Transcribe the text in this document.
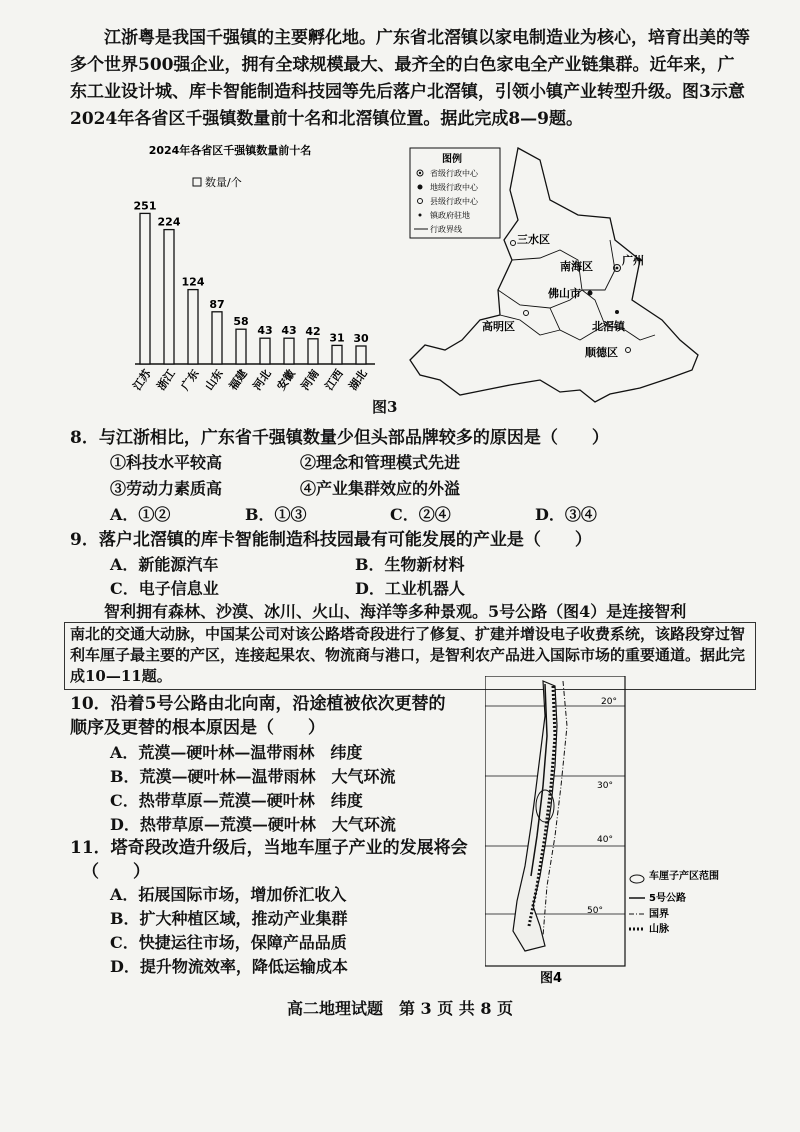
江浙粤是我国千强镇的主要孵化地。广东省北滘镇以家电制造业为核心，培育出美的等多个世界500强企业，拥有全球规模最大、最齐全的白色家电全产业链集群。近年来，广东工业设计城、库卡智能制造科技园等先后落户北滘镇，引领小镇产业转型升级。图3示意2024年各省区千强镇数量前十名和北滘镇位置。据此完成8—9题。
2024年各省区千强镇数量前十名
数量/个
251
江苏
224
浙江
124
广东
87
山东
58
福建
43
河北
43
安徽
42
河南
31
江西
30
湖北
图例
省级行政中心
地级行政中心
县级行政中心
镇政府驻地
行政界线
三水区
南海区	广州
佛山市
高明区	北滘镇
顺德区
图3
8．与江浙相比，广东省千强镇数量少但头部品牌较多的原因是（　　）
①科技水平较高	②理念和管理模式先进
③劳动力素质高	④产业集群效应的外溢
A．①②	B．①③	C．②④	D．③④
9．落户北滘镇的库卡智能制造科技园最有可能发展的产业是（　　）
A．新能源汽车	B．生物新材料
C．电子信息业	D．工业机器人
智利拥有森林、沙漠、冰川、火山、海洋等多种景观。5号公路（图4）是连接智利
南北的交通大动脉，中国某公司对该公路塔奇段进行了修复、扩建并增设电子收费系统，该路段穿过智利车厘子最主要的产区，连接起果农、物流商与港口，是智利农产品进入国际市场的重要通道。据此完成10—11题。
10．沿着5号公路由北向南，沿途植被依次更替的
顺序及更替的根本原因是（　　）
A．荒漠—硬叶林—温带雨林　纬度
B．荒漠—硬叶林—温带雨林　大气环流
C．热带草原—荒漠—硬叶林　纬度
D．热带草原—荒漠—硬叶林　大气环流
11．塔奇段改造升级后，当地车厘子产业的发展将会
（　　）
A．拓展国际市场，增加侨汇收入
B．扩大种植区域，推动产业集群
C．快捷运往市场，保障产品品质
D．提升物流效率，降低运输成本
20°
30°
40°
50°
车厘子产区范围
5号公路
国界
山脉
图4
高二地理试题　第 3 页 共 8 页
